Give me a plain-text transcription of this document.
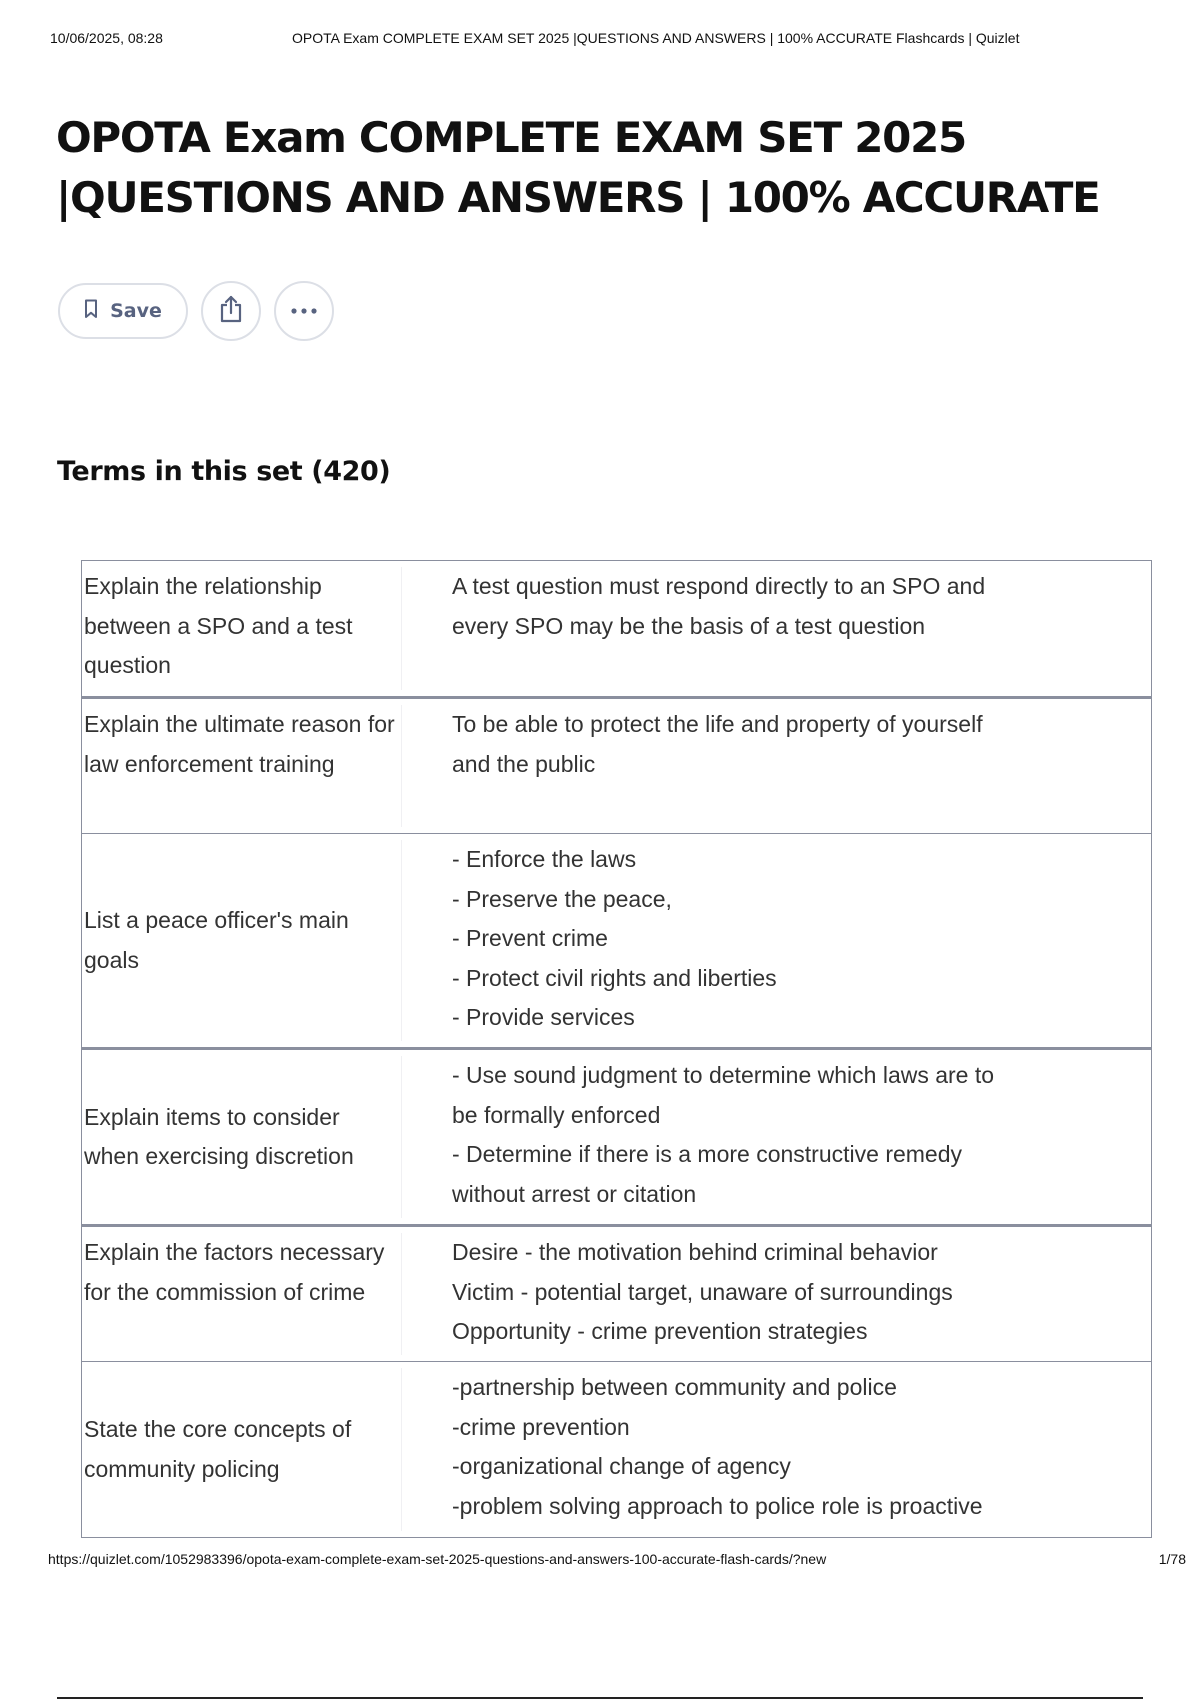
10/06/2025, 08:28	OPOTA Exam COMPLETE EXAM SET 2025 |QUESTIONS AND ANSWERS | 100% ACCURATE Flashcards | Quizlet
OPOTA Exam COMPLETE EXAM SET 2025
|QUESTIONS AND ANSWERS | 100% ACCURATE
Save
Terms in this set (420)
Explain the relationship between a SPO and a test question
A test question must respond directly to an SPO and
every SPO may be the basis of a test question
Explain the ultimate reason for law enforcement training
To be able to protect the life and property of yourself
and the public
List a peace officer's main goals
- Enforce the laws
- Preserve the peace,
- Prevent crime
- Protect civil rights and liberties
- Provide services
Explain items to consider when exercising discretion
- Use sound judgment to determine which laws are to
be formally enforced
- Determine if there is a more constructive remedy
without arrest or citation
Explain the factors necessary for the commission of crime
Desire - the motivation behind criminal behavior
Victim - potential target, unaware of surroundings
Opportunity - crime prevention strategies
State the core concepts of community policing
-partnership between community and police
-crime prevention
-organizational change of agency
-problem solving approach to police role is proactive
https://quizlet.com/1052983396/opota-exam-complete-exam-set-2025-questions-and-answers-100-accurate-flash-cards/?new	1/78
